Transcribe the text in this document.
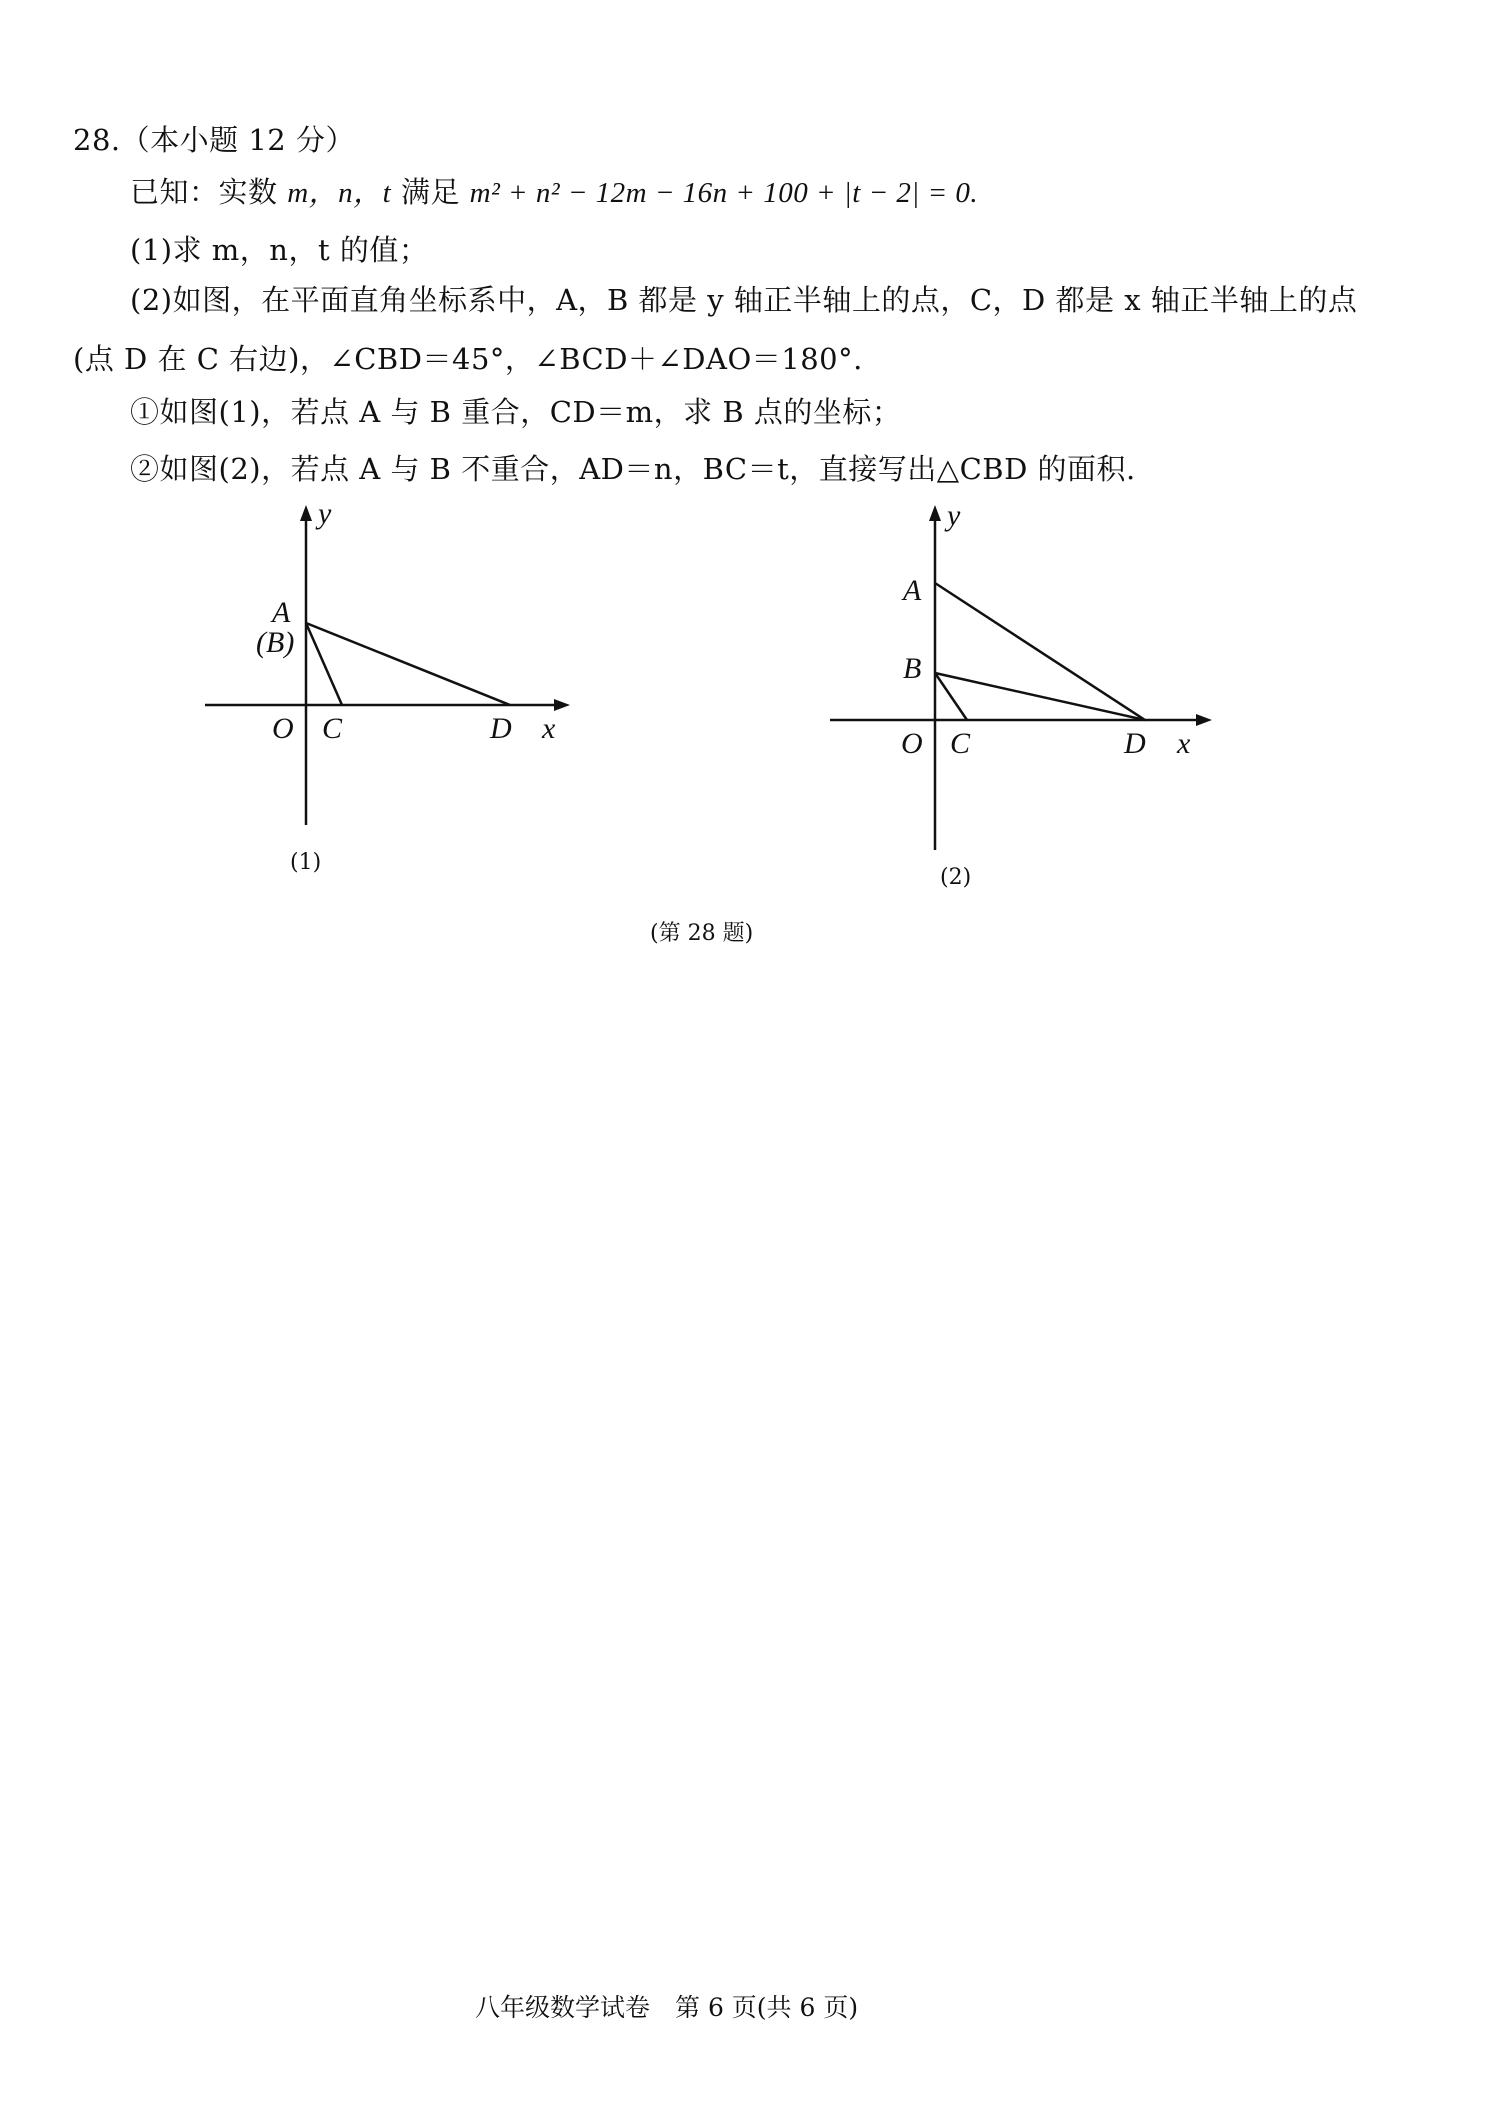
28.（本小题 12 分）
已知：实数 m，n，t 满足 m² + n² − 12m − 16n + 100 + |t − 2| = 0.
(1)求 m，n，t 的值；
(2)如图，在平面直角坐标系中，A，B 都是 y 轴正半轴上的点，C，D 都是 x 轴正半轴上的点
(点 D 在 C 右边)，∠CBD＝45°，∠BCD＋∠DAO＝180°.
①如图(1)，若点 A 与 B 重合，CD＝m，求 B 点的坐标；
②如图(2)，若点 A 与 B 不重合，AD＝n，BC＝t，直接写出△CBD 的面积.
y
A
(B)
O C	D x
(1)
y
A
B
O C	D x
(2)
(第 28 题)
八年级数学试卷　第 6 页(共 6 页)
